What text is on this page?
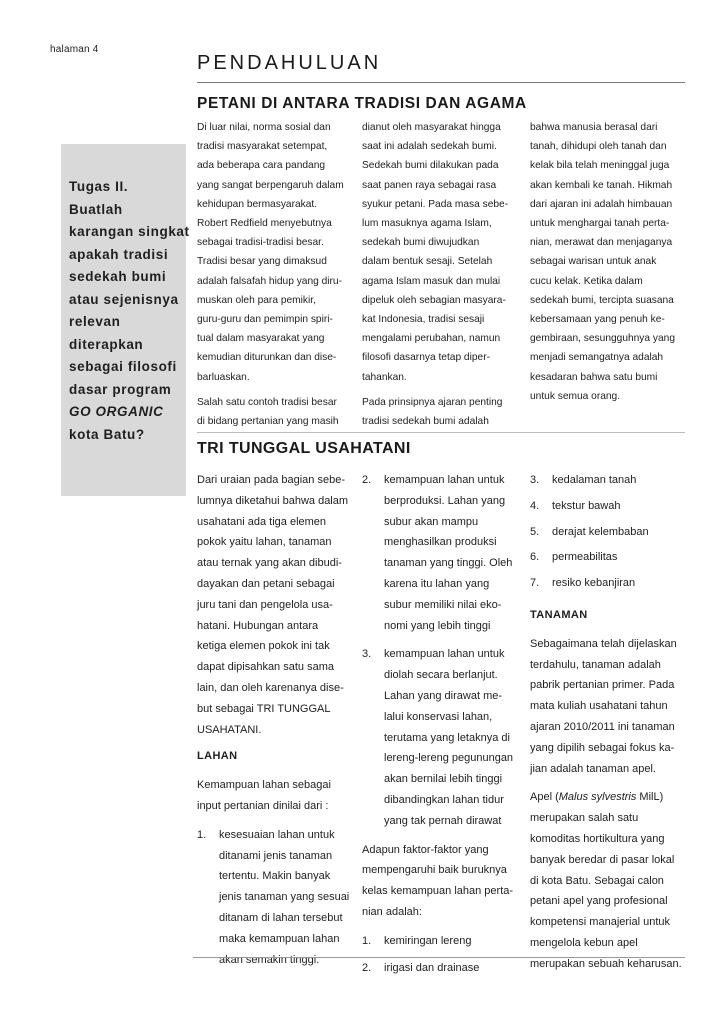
halaman 4
PENDAHULUAN
PETANI DI ANTARA TRADISI DAN AGAMA
Tugas II.
Buatlah
karangan singkat
apakah tradisi
sedekah bumi
atau sejenisnya
relevan
diterapkan
sebagai filosofi
dasar program
GO ORGANIC
kota Batu?
Di luar nilai, norma sosial dan
tradisi masyarakat setempat,
ada beberapa cara pandang
yang sangat berpengaruh dalam
kehidupan bermasyarakat.
Robert Redfield menyebutnya
sebagai tradisi-tradisi besar.
Tradisi besar yang dimaksud
adalah falsafah hidup yang diru-
muskan oleh para pemikir,
guru-guru dan pemimpin spiri-
tual dalam masyarakat yang
kemudian diturunkan dan dise-
barluaskan.
Salah satu contoh tradisi besar
di bidang pertanian yang masih
dianut oleh masyarakat hingga
saat ini adalah sedekah bumi.
Sedekah bumi dilakukan pada
saat panen raya sebagai rasa
syukur petani. Pada masa sebe-
lum masuknya agama Islam,
sedekah bumi diwujudkan
dalam bentuk sesaji. Setelah
agama Islam masuk dan mulai
dipeluk oleh sebagian masyara-
kat Indonesia, tradisi sesaji
mengalami perubahan, namun
filosofi dasarnya tetap diper-
tahankan.
Pada prinsipnya ajaran penting
tradisi sedekah bumi adalah
bahwa manusia berasal dari
tanah, dihidupi oleh tanah dan
kelak bila telah meninggal juga
akan kembali ke tanah. Hikmah
dari ajaran ini adalah himbauan
untuk menghargai tanah perta-
nian, merawat dan menjaganya
sebagai warisan untuk anak
cucu kelak. Ketika dalam
sedekah bumi, tercipta suasana
kebersamaan yang penuh ke-
gembiraan, sesungguhnya yang
menjadi semangatnya adalah
kesadaran bahwa satu bumi
untuk semua orang.
TRI TUNGGAL USAHATANI
Dari uraian pada bagian sebe-
lumnya diketahui bahwa dalam
usahatani ada tiga elemen
pokok yaitu lahan, tanaman
atau ternak yang akan dibudi-
dayakan dan petani sebagai
juru tani dan pengelola usa-
hatani. Hubungan antara
ketiga elemen pokok ini tak
dapat dipisahkan satu sama
lain, dan oleh karenanya dise-
but sebagai TRI TUNGGAL
USAHATANI.
LAHAN
Kemampuan lahan sebagai
input pertanian dinilai dari :
1. kesesuaian lahan untuk
ditanami jenis tanaman
tertentu. Makin banyak
jenis tanaman yang sesuai
ditanam di lahan tersebut
maka kemampuan lahan
akan semakin tinggi.
2. kemampuan lahan untuk
berproduksi. Lahan yang
subur akan mampu
menghasilkan produksi
tanaman yang tinggi. Oleh
karena itu lahan yang
subur memiliki nilai eko-
nomi yang lebih tinggi
3. kemampuan lahan untuk
diolah secara berlanjut.
Lahan yang dirawat me-
lalui konservasi lahan,
terutama yang letaknya di
lereng-lereng pegunungan
akan bernilai lebih tinggi
dibandingkan lahan tidur
yang tak pernah dirawat
Adapun faktor-faktor yang
mempengaruhi baik buruknya
kelas kemampuan lahan perta-
nian adalah:
1. kemiringan lereng
2. irigasi dan drainase
3. kedalaman tanah
4. tekstur bawah
5. derajat kelembaban
6. permeabilitas
7. resiko kebanjiran
TANAMAN
Sebagaimana telah dijelaskan
terdahulu, tanaman adalah
pabrik pertanian primer. Pada
mata kuliah usahatani tahun
ajaran 2010/2011 ini tanaman
yang dipilih sebagai fokus ka-
jian adalah tanaman apel.
Apel (Malus sylvestris MilL)
merupakan salah satu
komoditas hortikultura yang
banyak beredar di pasar lokal
di kota Batu. Sebagai calon
petani apel yang profesional
kompetensi manajerial untuk
mengelola kebun apel
merupakan sebuah keharusan.
